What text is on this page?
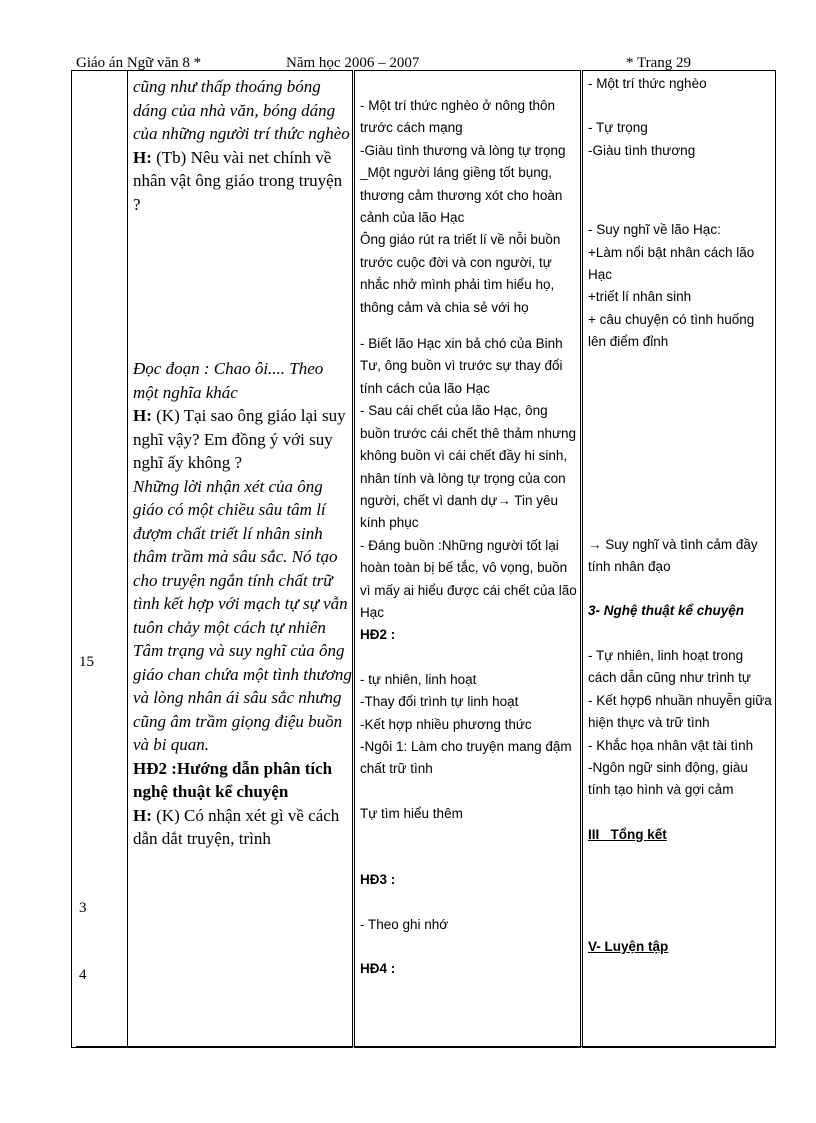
Giáo án Ngữ văn 8 *	Năm học 2006 – 2007	* Trang 29
15
3
4

cũng như thấp thoáng bóng dáng của nhà văn, bóng dáng của những người trí thức nghèo
H: (Tb) Nêu vài net chính về nhân vật ông giáo trong truyện ?
Đọc đoạn : Chao ôi.... Theo một nghĩa khác
H: (K) Tại sao ông giáo lại suy nghĩ vậy? Em đồng ý với suy nghĩ ấy không ?
Những lời nhận xét của ông giáo có một chiều sâu tâm lí đượm chất triết lí nhân sinh thâm trầm mà sâu sắc. Nó tạo cho truyện ngắn tính chất trữ tình kết hợp với mạch tự sự vẫn tuôn chảy một cách tự nhiên
Tâm trạng và suy nghĩ của ông giáo chan chứa một tình thương và lòng nhân ái sâu sắc nhưng cũng âm trầm giọng điệu buồn và bi quan.
HĐ2 :Hướng dẫn phân tích nghệ thuật kể chuyện
H: (K) Có nhận xét gì về cách dẫn dắt truyện, trình

- Một trí thức nghèo ở nông thôn trước cách mạng
-Giàu tình thương và lòng tự trọng
_Một người láng giềng tốt bụng, thương cảm thương xót cho hoàn cảnh của lão Hạc
Ông giáo rút ra triết lí về nỗi buồn trước cuộc đời và con người, tự nhắc nhở mình phải tìm hiểu họ, thông cảm và chia sẻ với họ
- Biết lão Hạc xin bả chó của Binh Tư, ông buồn vì trước sự thay đổi tính cách của lão Hạc
- Sau cái chết của lão Hạc, ông buồn trước cái chết thê thảm nhưng không buồn vì cái chết đầy hi sinh, nhân tính và lòng tự trọng của con người, chết vì danh dự→ Tin yêu kính phục
- Đáng buồn :Những người tốt lại hoàn toàn bị bế tắc, vô vọng, buồn vì mấy ai hiểu được cái chết của lão Hạc
HĐ2 :
- tự nhiên, linh hoạt
-Thay đổi trình tự linh hoạt
-Kết hợp nhiều phương thức
-Ngôi 1: Làm cho truyện mang đậm chất trữ tình
Tự tìm hiểu thêm
HĐ3 :
- Theo ghi nhớ
HĐ4 :

- Một trí thức nghèo
- Tự trọng
-Giàu tình thương
- Suy nghĩ về lão Hạc:
+Làm nổi bật nhân cách lão Hạc
+triết lí nhân sinh
+ câu chuyện có tình huống lên điểm đỉnh
→ Suy nghĩ và tình cảm đầy tính nhân đạo
3- Nghệ thuật kể chuyện
- Tự nhiên, linh hoạt trong cách dẫn cũng như trình tự
- Kết hợp6 nhuần nhuyễn giữa hiện thực và trữ tình
- Khắc họa nhân vật tài tình
-Ngôn ngữ sinh động, giàu tính tạo hình và gợi cảm
III_ Tổng kết
V- Luyện tập
